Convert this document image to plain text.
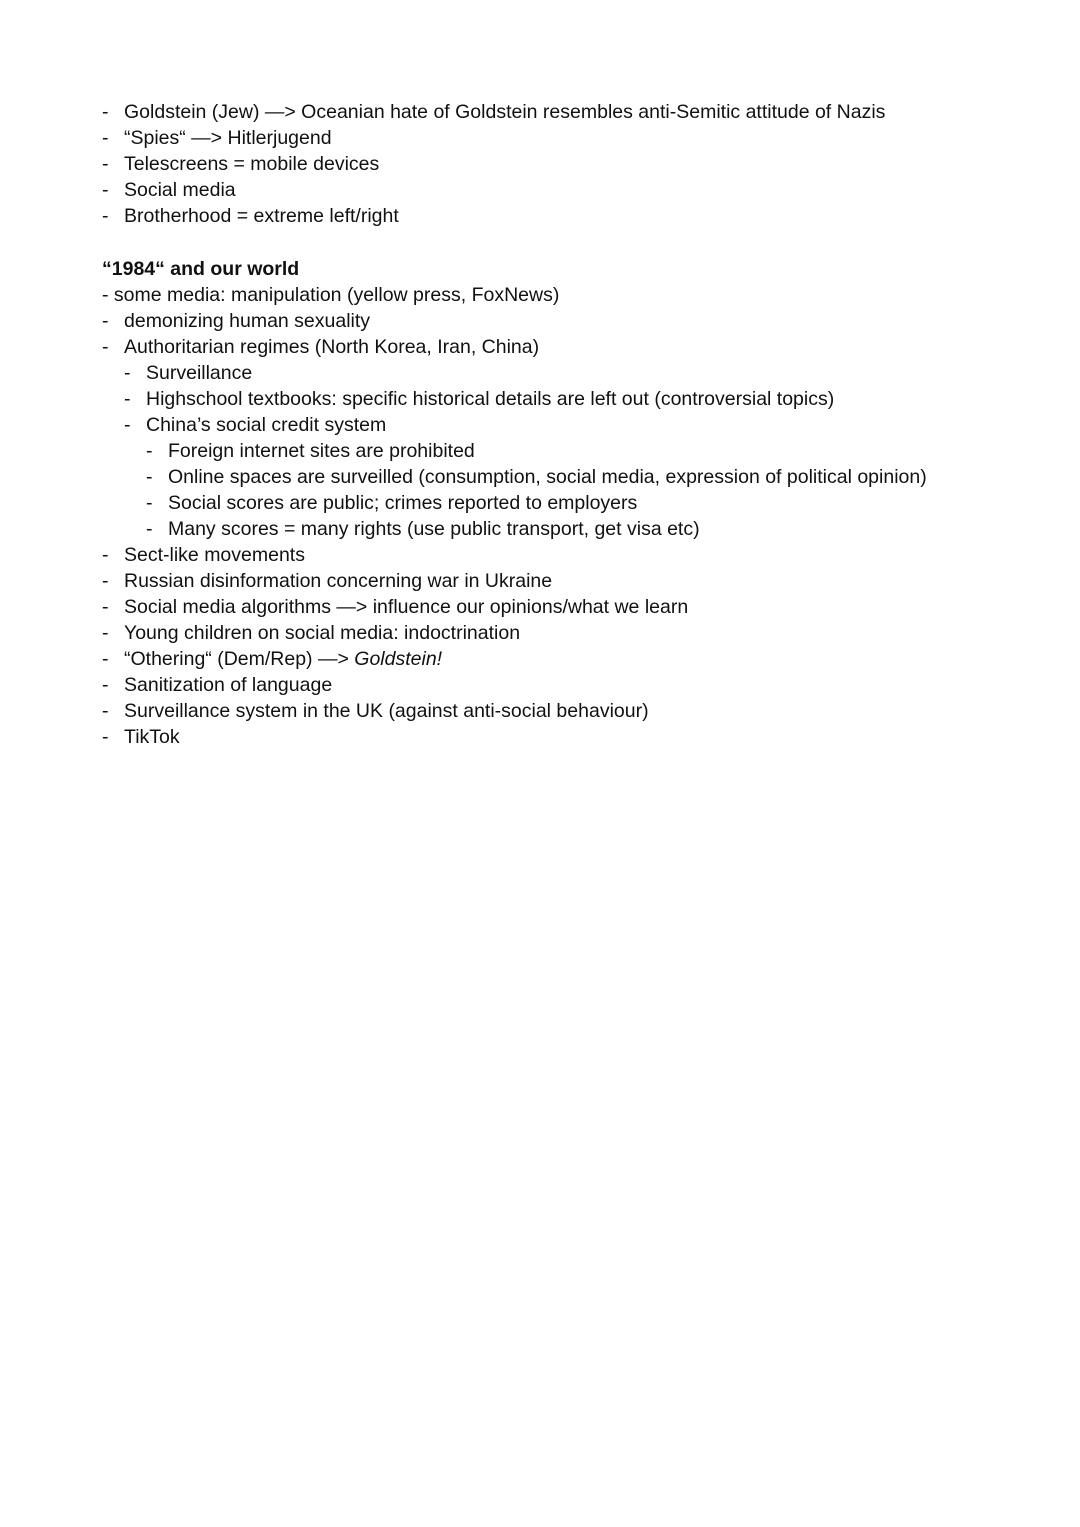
- Goldstein (Jew) —> Oceanian hate of Goldstein resembles anti-Semitic attitude of Nazis
- “Spies“ —> Hitlerjugend
- Telescreens = mobile devices
- Social media
- Brotherhood = extreme left/right
“1984“ and our world
- some media: manipulation (yellow press, FoxNews)
- demonizing human sexuality
- Authoritarian regimes (North Korea, Iran, China)
- Surveillance
- Highschool textbooks: specific historical details are left out (controversial topics)
- China’s social credit system
- Foreign internet sites are prohibited
- Online spaces are surveilled (consumption, social media, expression of political opinion)
- Social scores are public; crimes reported to employers
- Many scores = many rights (use public transport, get visa etc)
- Sect-like movements
- Russian disinformation concerning war in Ukraine
- Social media algorithms —> influence our opinions/what we learn
- Young children on social media: indoctrination
- “Othering“ (Dem/Rep) —> Goldstein!
- Sanitization of language
- Surveillance system in the UK (against anti-social behaviour)
- TikTok
